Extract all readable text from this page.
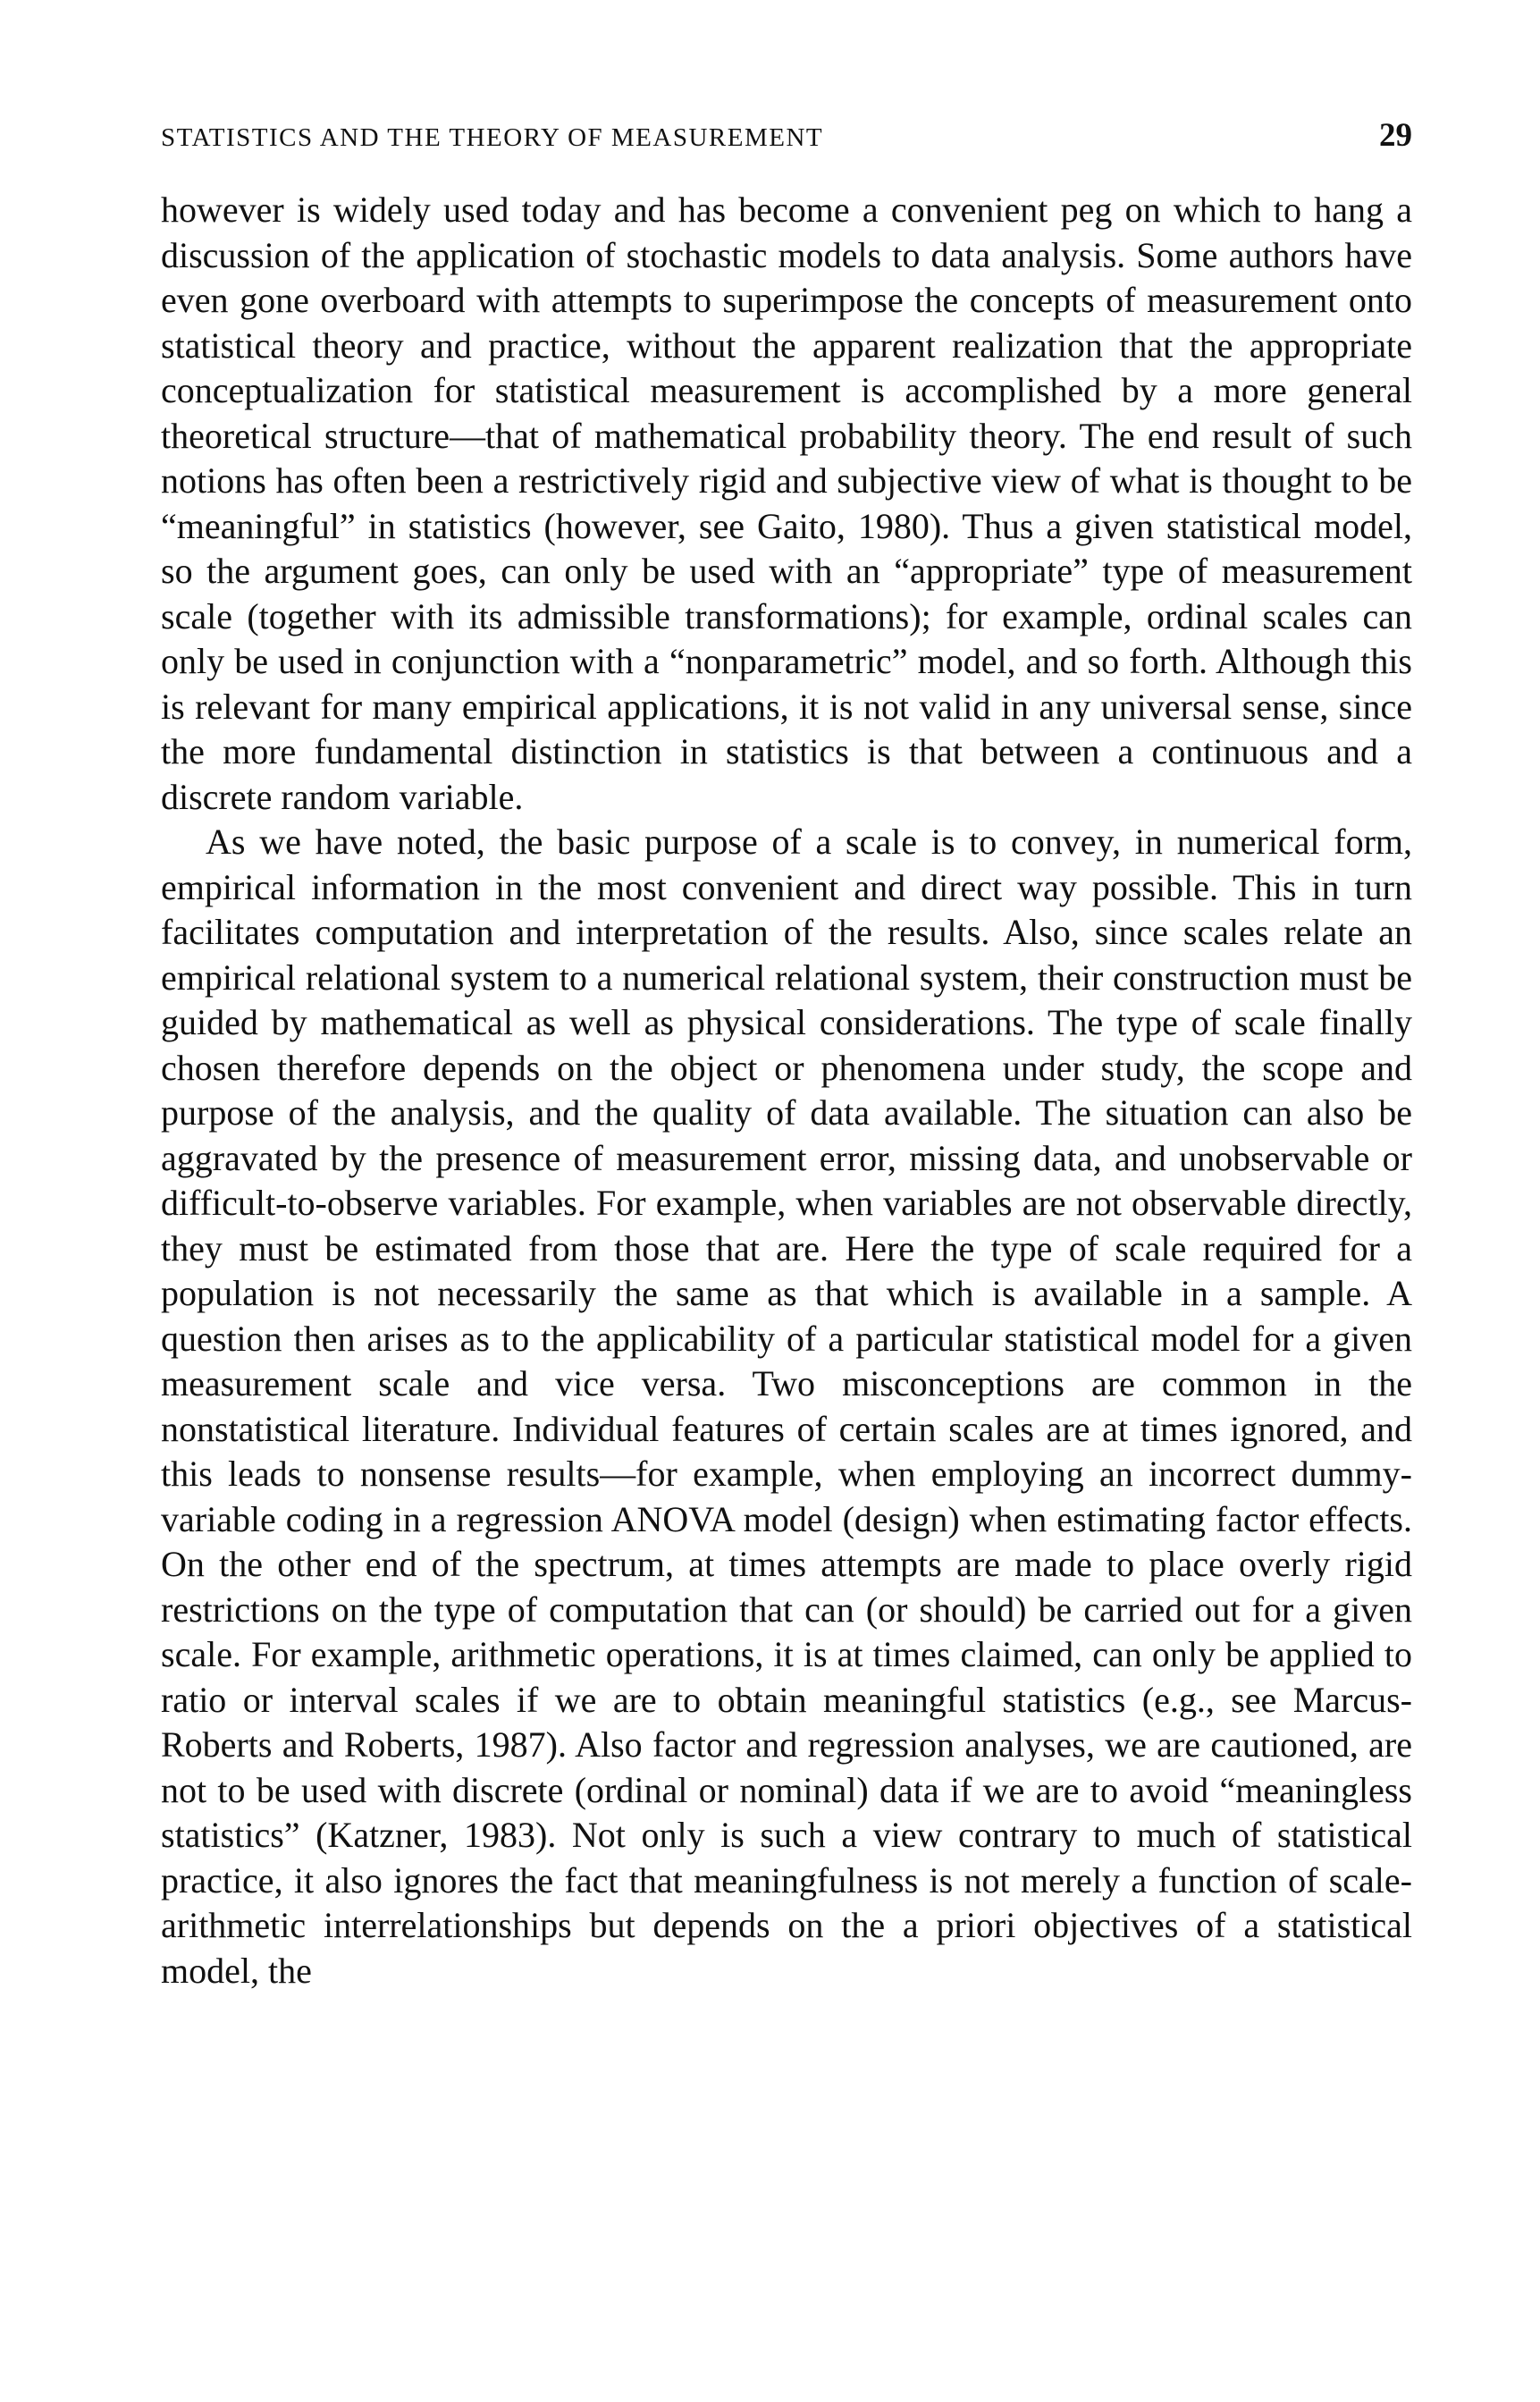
STATISTICS AND THE THEORY OF MEASUREMENT	29

however is widely used today and has become a convenient peg on which to hang a discussion of the application of stochastic models to data analysis. Some authors have even gone overboard with attempts to superimpose the concepts of measurement onto statistical theory and practice, without the apparent realization that the appropriate conceptualization for statistical measurement is accomplished by a more general theoretical structure—that of mathematical probability theory. The end result of such notions has often been a restrictively rigid and subjective view of what is thought to be “meaningful” in statistics (however, see Gaito, 1980). Thus a given statistical model, so the argument goes, can only be used with an “appropriate” type of measurement scale (together with its admissible transformations); for example, ordinal scales can only be used in conjunction with a “nonparametric” model, and so forth. Although this is relevant for many empirical applications, it is not valid in any universal sense, since the more fundamental distinction in statistics is that between a continuous and a discrete random variable.

As we have noted, the basic purpose of a scale is to convey, in numerical form, empirical information in the most convenient and direct way possible. This in turn facilitates computation and interpretation of the results. Also, since scales relate an empirical relational system to a numerical relational system, their construction must be guided by mathematical as well as physical considerations. The type of scale finally chosen therefore depends on the object or phenomena under study, the scope and purpose of the analysis, and the quality of data available. The situation can also be aggravated by the presence of measurement error, missing data, and unobservable or difficult-to-observe variables. For example, when variables are not observable directly, they must be estimated from those that are. Here the type of scale required for a population is not necessarily the same as that which is available in a sample. A question then arises as to the applicability of a particular statistical model for a given measurement scale and vice versa. Two misconceptions are common in the nonstatistical literature. Individual features of certain scales are at times ignored, and this leads to nonsense results—for example, when employing an incorrect dummy-variable coding in a regression ANOVA model (design) when estimating factor effects. On the other end of the spectrum, at times attempts are made to place overly rigid restrictions on the type of computation that can (or should) be carried out for a given scale. For example, arithmetic operations, it is at times claimed, can only be applied to ratio or interval scales if we are to obtain meaningful statistics (e.g., see Marcus-Roberts and Roberts, 1987). Also factor and regression analyses, we are cautioned, are not to be used with discrete (ordinal or nominal) data if we are to avoid “meaningless statistics” (Katzner, 1983). Not only is such a view contrary to much of statistical practice, it also ignores the fact that meaningfulness is not merely a function of scale-arithmetic interrelationships but depends on the a priori objectives of a statistical model, the
